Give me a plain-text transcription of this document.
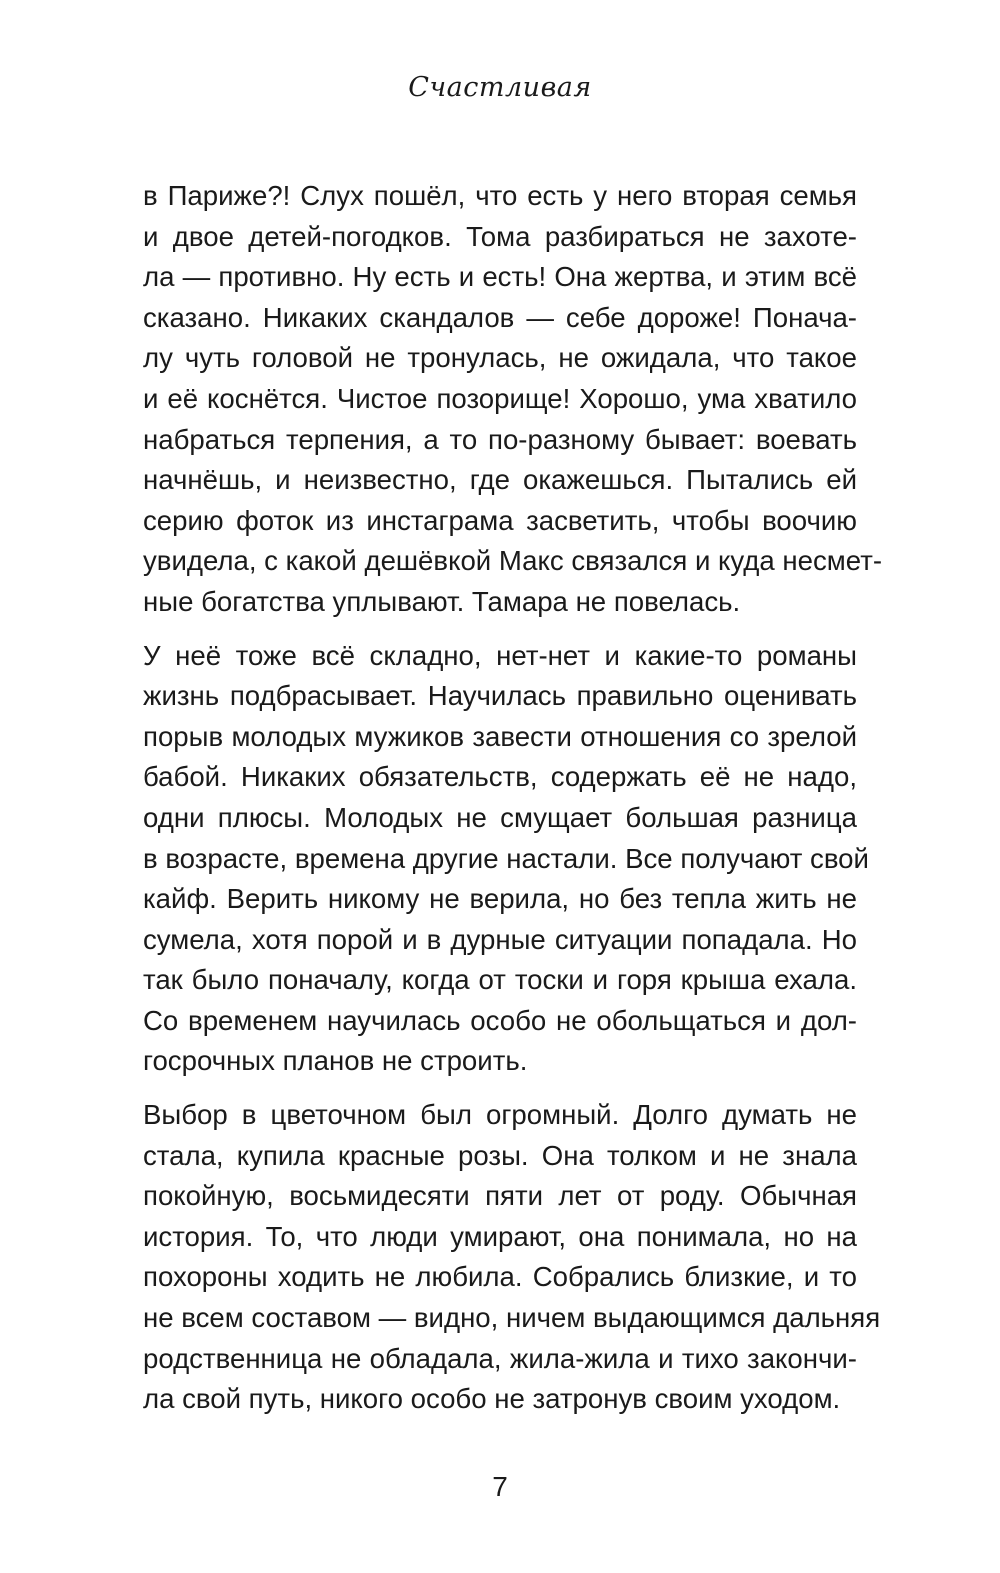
Счастливая
в Париже?! Слух пошёл, что есть у него вторая семья
и двое детей-погодков. Тома разбираться не захоте-
ла — противно. Ну есть и есть! Она жертва, и этим всё
сказано. Никаких скандалов — себе дороже! Понача-
лу чуть головой не тронулась, не ожидала, что такое
и её коснётся. Чистое позорище! Хорошо, ума хватило
набраться терпения, а то по-разному бывает: воевать
начнёшь, и неизвестно, где окажешься. Пытались ей
серию фоток из инстаграма засветить, чтобы воочию
увидела, с какой дешёвкой Макс связался и куда несмет-
ные богатства уплывают. Тамара не повелась.
У неё тоже всё складно, нет-нет и какие-то романы
жизнь подбрасывает. Научилась правильно оценивать
порыв молодых мужиков завести отношения со зрелой
бабой. Никаких обязательств, содержать её не надо,
одни плюсы. Молодых не смущает большая разница
в возрасте, времена другие настали. Все получают свой
кайф. Верить никому не верила, но без тепла жить не
сумела, хотя порой и в дурные ситуации попадала. Но
так было поначалу, когда от тоски и горя крыша ехала.
Со временем научилась особо не обольщаться и дол-
госрочных планов не строить.
Выбор в цветочном был огромный. Долго думать не
стала, купила красные розы. Она толком и не знала
покойную, восьмидесяти пяти лет от роду. Обычная
история. То, что люди умирают, она понимала, но на
похороны ходить не любила. Собрались близкие, и то
не всем составом — видно, ничем выдающимся дальняя
родственница не обладала, жила-жила и тихо закончи-
ла свой путь, никого особо не затронув своим уходом.
7
